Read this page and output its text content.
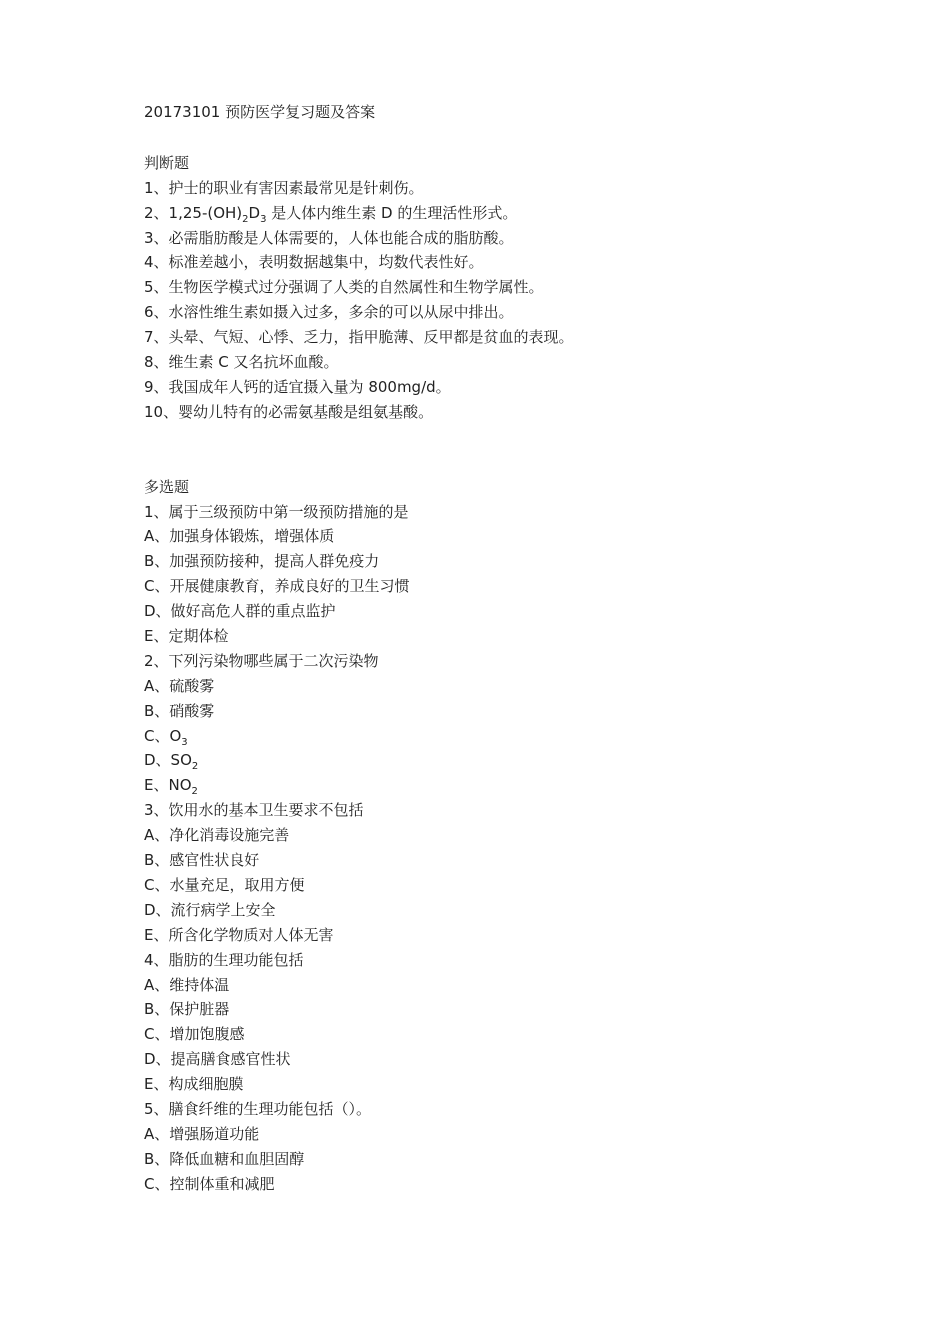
20173101 预防医学复习题及答案
判断题
1、护士的职业有害因素最常见是针刺伤。
2、$1,25-(OH)_2D_3$ 是人体内维生素 D 的生理活性形式。
3、必需脂肪酸是人体需要的，人体也能合成的脂肪酸。
4、标准差越小，表明数据越集中，均数代表性好。
5、生物医学模式过分强调了人类的自然属性和生物学属性。
6、水溶性维生素如摄入过多，多余的可以从尿中排出。
7、头晕、气短、心悸、乏力，指甲脆薄、反甲都是贫血的表现。
8、维生素 C 又名抗坏血酸。
9、我国成年人钙的适宜摄入量为 800mg/d。
10、婴幼儿特有的必需氨基酸是组氨基酸。
多选题
1、属于三级预防中第一级预防措施的是
A、加强身体锻炼，增强体质
B、加强预防接种，提高人群免疫力
C、开展健康教育，养成良好的卫生习惯
D、做好高危人群的重点监护
E、定期体检
2、下列污染物哪些属于二次污染物
A、硫酸雾
B、硝酸雾
C、$O_3$
D、$SO_2$
E、$NO_2$
3、饮用水的基本卫生要求不包括
A、净化消毒设施完善
B、感官性状良好
C、水量充足，取用方便
D、流行病学上安全
E、所含化学物质对人体无害
4、脂肪的生理功能包括
A、维持体温
B、保护脏器
C、增加饱腹感
D、提高膳食感官性状
E、构成细胞膜
5、膳食纤维的生理功能包括（）。
A、增强肠道功能
B、降低血糖和血胆固醇
C、控制体重和减肥
